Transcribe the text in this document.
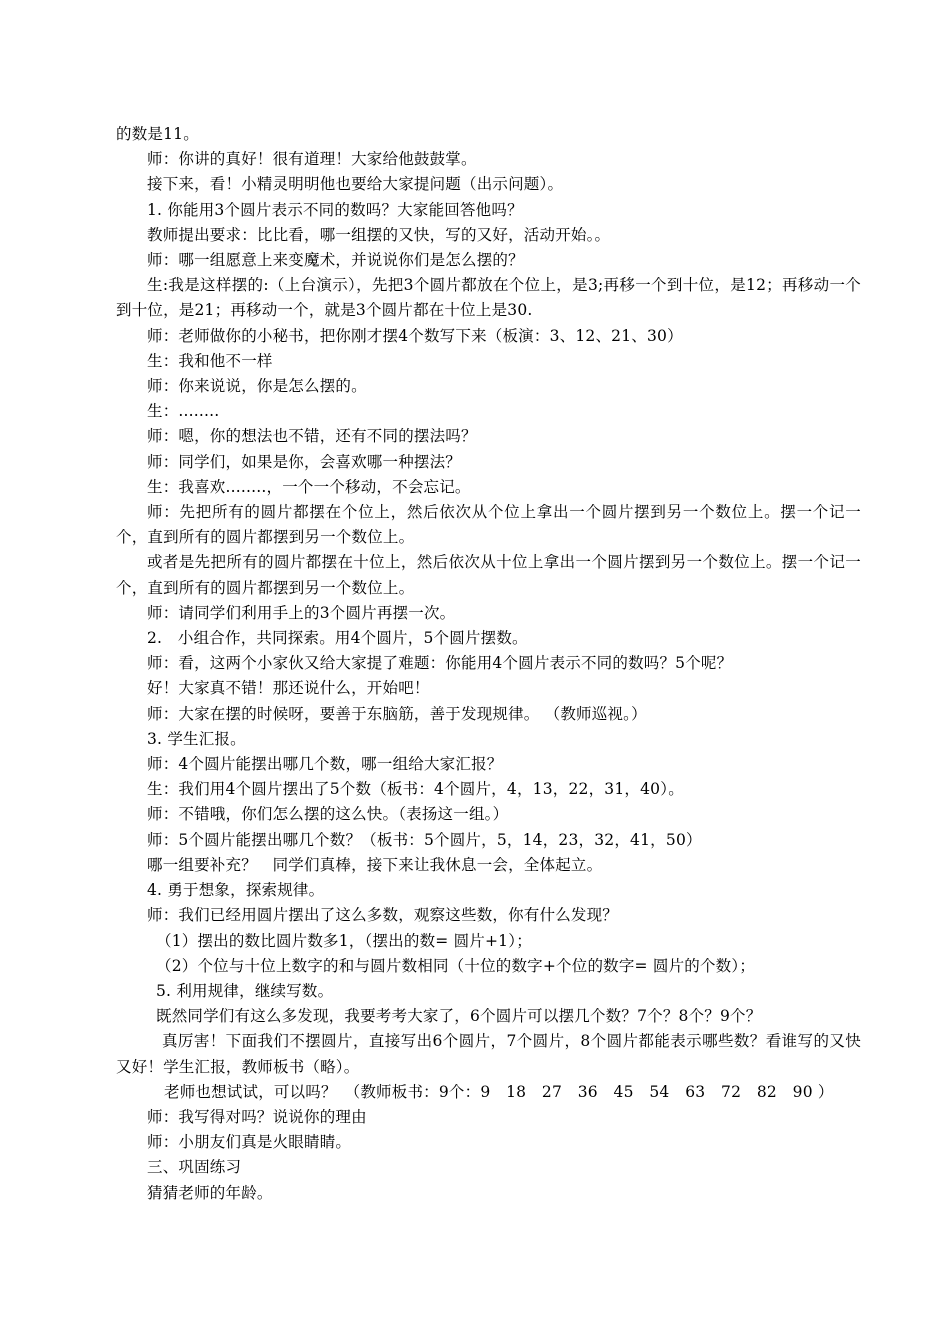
的数是11。

师：你讲的真好！很有道理！大家给他鼓鼓掌。

接下来，看！小精灵明明他也要给大家提问题（出示问题）。

1. 你能用3个圆片表示不同的数吗？大家能回答他吗？

教师提出要求：比比看，哪一组摆的又快，写的又好，活动开始。。

师：哪一组愿意上来变魔术，并说说你们是怎么摆的？

生:我是这样摆的:（上台演示），先把3个圆片都放在个位上，是3;再移一个到十位，是12；再移动一个到十位，是21；再移动一个，就是3个圆片都在十位上是30.

师：老师做你的小秘书，把你刚才摆4个数写下来（板演：3、12、21、30）

生：我和他不一样

师：你来说说，你是怎么摆的。

生：........

师：嗯，你的想法也不错，还有不同的摆法吗？

师：同学们，如果是你，会喜欢哪一种摆法？

生：我喜欢........，一个一个移动，不会忘记。

师：先把所有的圆片都摆在个位上，然后依次从个位上拿出一个圆片摆到另一个数位上。摆一个记一个，直到所有的圆片都摆到另一个数位上。

或者是先把所有的圆片都摆在十位上，然后依次从十位上拿出一个圆片摆到另一个数位上。摆一个记一个，直到所有的圆片都摆到另一个数位上。

师：请同学们利用手上的3个圆片再摆一次。

2.　小组合作，共同探索。用4个圆片，5个圆片摆数。

师：看，这两个小家伙又给大家提了难题：你能用4个圆片表示不同的数吗？5个呢？

好！大家真不错！那还说什么，开始吧！

师：大家在摆的时候呀，要善于东脑筋，善于发现规律。 （教师巡视。）

3. 学生汇报。

师：4个圆片能摆出哪几个数，哪一组给大家汇报？

生：我们用4个圆片摆出了5个数（板书：4个圆片，4，13，22，31，40）。

师：不错哦，你们怎么摆的这么快。（表扬这一组。）

师：5个圆片能摆出哪几个数？（板书：5个圆片，5，14，23，32，41，50）

哪一组要补充？　同学们真棒，接下来让我休息一会，全体起立。

4. 勇于想象，探索规律。

师：我们已经用圆片摆出了这么多数，观察这些数，你有什么发现？

（1）摆出的数比圆片数多1，（摆出的数= 圆片+1）；

（2）个位与十位上数字的和与圆片数相同（十位的数字+个位的数字= 圆片的个数）；

5. 利用规律，继续写数。

既然同学们有这么多发现，我要考考大家了，6个圆片可以摆几个数？7个？8个？9个？

真厉害！下面我们不摆圆片，直接写出6个圆片，7个圆片，8个圆片都能表示哪些数？看谁写的又快又好！学生汇报，教师板书（略）。

老师也想试试，可以吗？　（教师板书：9个：9　18　27　36　45　54　63　72　82　90 ）

师：我写得对吗？说说你的理由

师：小朋友们真是火眼睛睛。

三、巩固练习

猜猜老师的年龄。
